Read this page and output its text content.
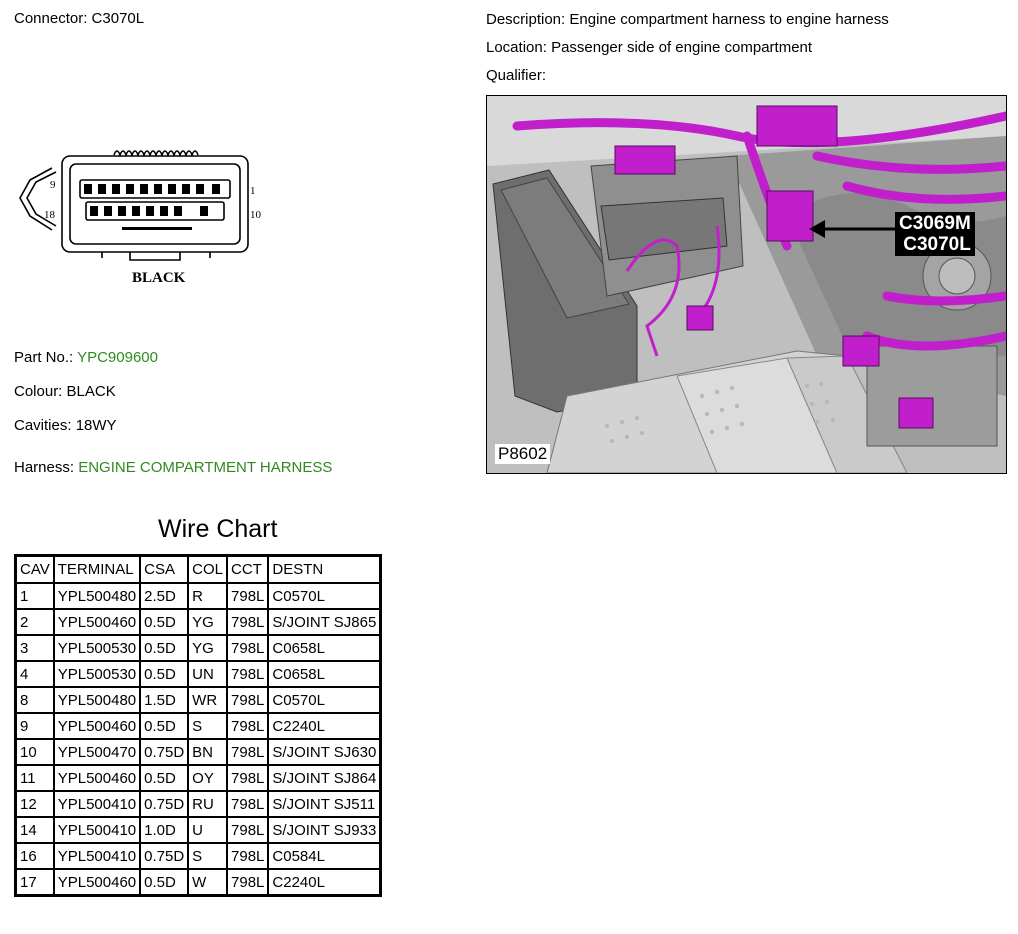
Connector: C3070L	Description: Engine compartment harness to engine harness
Location: Passenger side of engine compartment
Qualifier:
9
18
1
10
BLACK
Part No.: YPC909600
Colour: BLACK
Cavities: 18WY
Harness: ENGINE COMPARTMENT HARNESS
Wire Chart
CAV	TERMINAL	CSA	COL	CCT	DESTN
1	YPL500480	2.5D	R	798L	C0570L
2	YPL500460	0.5D	YG	798L	S/JOINT SJ865
3	YPL500530	0.5D	YG	798L	C0658L
4	YPL500530	0.5D	UN	798L	C0658L
8	YPL500480	1.5D	WR	798L	C0570L
9	YPL500460	0.5D	S	798L	C2240L
10	YPL500470	0.75D	BN	798L	S/JOINT SJ630
11	YPL500460	0.5D	OY	798L	S/JOINT SJ864
12	YPL500410	0.75D	RU	798L	S/JOINT SJ511
14	YPL500410	1.0D	U	798L	S/JOINT SJ933
16	YPL500410	0.75D	S	798L	C0584L
17	YPL500460	0.5D	W	798L	C2240L
C3069M
C3070L
P8602
